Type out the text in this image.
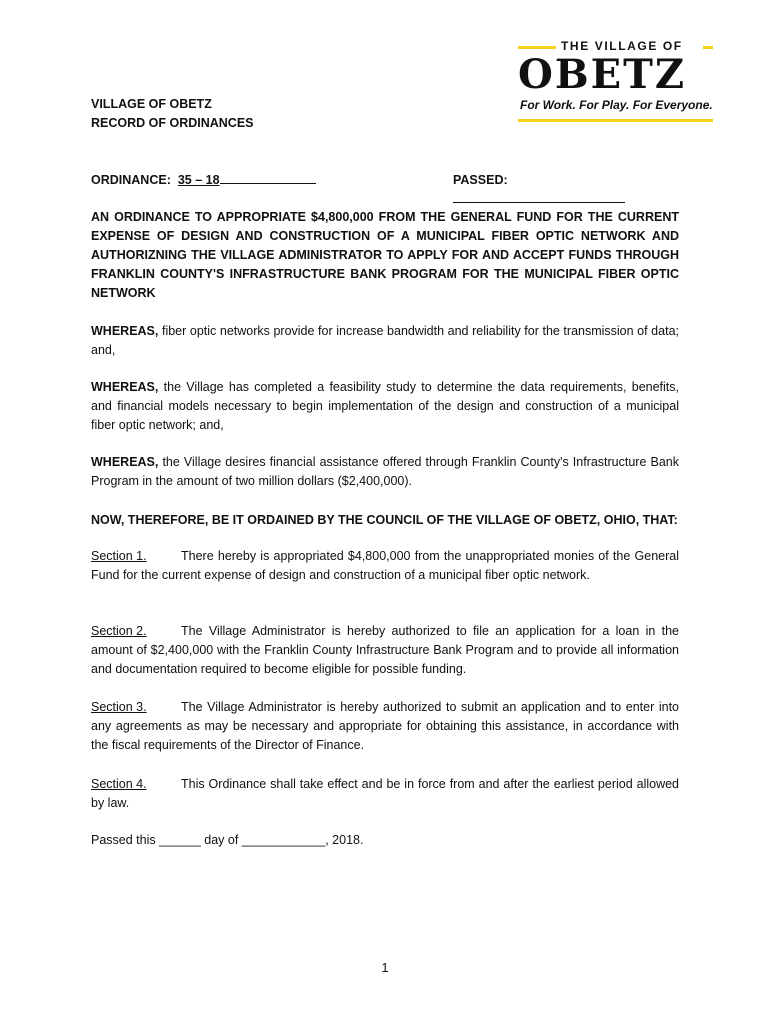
THE VILLAGE OF
OBETZ
For Work. For Play. For Everyone.
VILLAGE OF OBETZ
RECORD OF ORDINANCES
ORDINANCE: 35 – 18	PASSED:
AN ORDINANCE TO APPROPRIATE $4,800,000 FROM THE GENERAL FUND FOR THE CURRENT EXPENSE OF DESIGN AND CONSTRUCTION OF A MUNICIPAL FIBER OPTIC NETWORK AND AUTHORIZNING THE VILLAGE ADMINISTRATOR TO APPLY FOR AND ACCEPT FUNDS THROUGH FRANKLIN COUNTY'S INFRASTRUCTURE BANK PROGRAM FOR THE MUNICIPAL FIBER OPTIC NETWORK
WHEREAS, fiber optic networks provide for increase bandwidth and reliability for the transmission of data; and,
WHEREAS, the Village has completed a feasibility study to determine the data requirements, benefits, and financial models necessary to begin implementation of the design and construction of a municipal fiber optic network; and,
WHEREAS, the Village desires financial assistance offered through Franklin County's Infrastructure Bank Program in the amount of two million dollars ($2,400,000).
NOW, THEREFORE, BE IT ORDAINED BY THE COUNCIL OF THE VILLAGE OF OBETZ, OHIO, THAT:
Section 1.	There hereby is appropriated $4,800,000 from the unappropriated monies of the General Fund for the current expense of design and construction of a municipal fiber optic network.
Section 2.	The Village Administrator is hereby authorized to file an application for a loan in the amount of $2,400,000 with the Franklin County Infrastructure Bank Program and to provide all information and documentation required to become eligible for possible funding.
Section 3.	The Village Administrator is hereby authorized to submit an application and to enter into any agreements as may be necessary and appropriate for obtaining this assistance, in accordance with the fiscal requirements of the Director of Finance.
Section 4.	This Ordinance shall take effect and be in force from and after the earliest period allowed by law.
Passed this ______ day of ____________, 2018.
1
